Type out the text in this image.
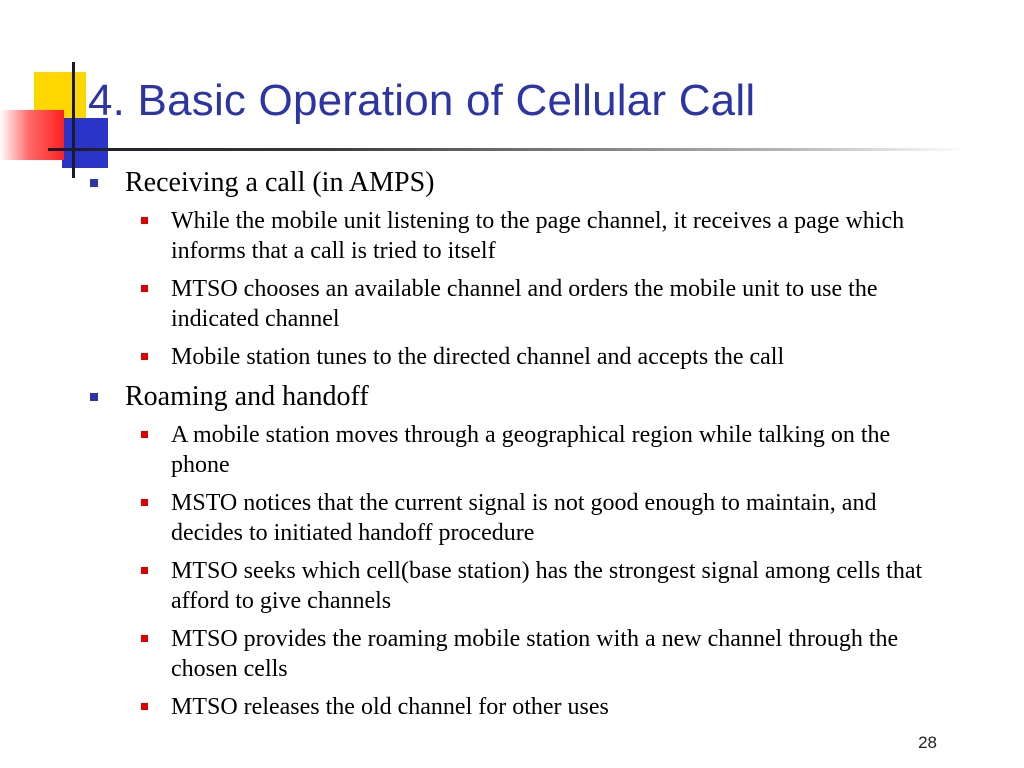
4. Basic Operation of Cellular Call
Receiving a call (in AMPS)
While the mobile unit listening to the page channel, it receives a page which informs that a call is tried to itself
MTSO chooses an available channel and orders the mobile unit to use the indicated channel
Mobile station tunes to the directed channel and accepts the call
Roaming and handoff
A mobile station moves through a geographical region while talking on the phone
MSTO notices that the current signal is not good enough to maintain, and decides to initiated handoff procedure
MTSO seeks which cell(base station) has the strongest signal among cells that afford to give channels
MTSO provides the roaming mobile station with a new channel through the chosen cells
MTSO releases the old channel for other uses
28
